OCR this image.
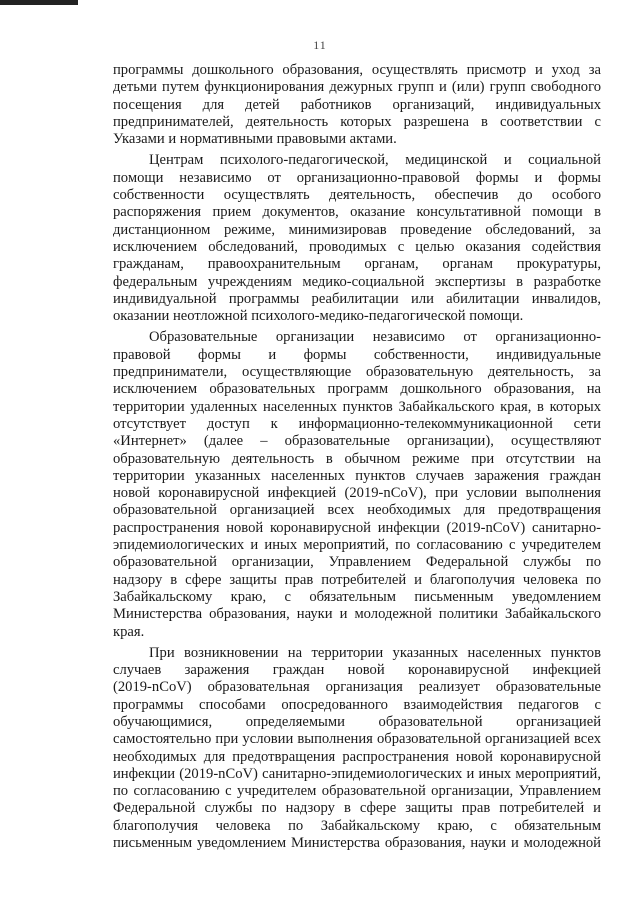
11
программы дошкольного образования, осуществлять присмотр и уход за
детьми путем функционирования дежурных групп и (или) групп свободного
посещения для детей работников организаций, индивидуальных
предпринимателей, деятельность которых разрешена в соответствии с
Указами и нормативными правовыми актами.
Центрам психолого-педагогической, медицинской и социальной
помощи независимо от организационно-правовой формы и формы
собственности осуществлять деятельность, обеспечив до особого
распоряжения прием документов, оказание консультативной помощи в
дистанционном режиме, минимизировав проведение обследований, за
исключением обследований, проводимых с целью оказания содействия
гражданам, правоохранительным органам, органам прокуратуры,
федеральным учреждениям медико-социальной экспертизы в разработке
индивидуальной программы реабилитации или абилитации инвалидов,
оказании неотложной психолого-медико-педагогической помощи.
Образовательные организации независимо от организационно-
правовой формы и формы собственности, индивидуальные
предприниматели, осуществляющие образовательную деятельность, за
исключением образовательных программ дошкольного образования, на
территории удаленных населенных пунктов Забайкальского края, в которых
отсутствует доступ к информационно-телекоммуникационной сети
«Интернет» (далее – образовательные организации), осуществляют
образовательную деятельность в обычном режиме при отсутствии на
территории указанных населенных пунктов случаев заражения граждан
новой коронавирусной инфекцией (2019-nCoV), при условии выполнения
образовательной организацией всех необходимых для предотвращения
распространения новой коронавирусной инфекции (2019-nCoV) санитарно-
эпидемиологических и иных мероприятий, по согласованию с учредителем
образовательной организации, Управлением Федеральной службы по
надзору в сфере защиты прав потребителей и благополучия человека по
Забайкальскому краю, с обязательным письменным уведомлением
Министерства образования, науки и молодежной политики Забайкальского
края.
При возникновении на территории указанных населенных пунктов
случаев заражения граждан новой коронавирусной инфекцией
(2019-nCoV) образовательная организация реализует образовательные
программы способами опосредованного взаимодействия педагогов с
обучающимися, определяемыми образовательной организацией
самостоятельно при условии выполнения образовательной организацией всех
необходимых для предотвращения распространения новой коронавирусной
инфекции (2019-nCoV) санитарно-эпидемиологических и иных мероприятий,
по согласованию с учредителем образовательной организации, Управлением
Федеральной службы по надзору в сфере защиты прав потребителей и
благополучия человека по Забайкальскому краю, с обязательным
письменным уведомлением Министерства образования, науки и молодежной
